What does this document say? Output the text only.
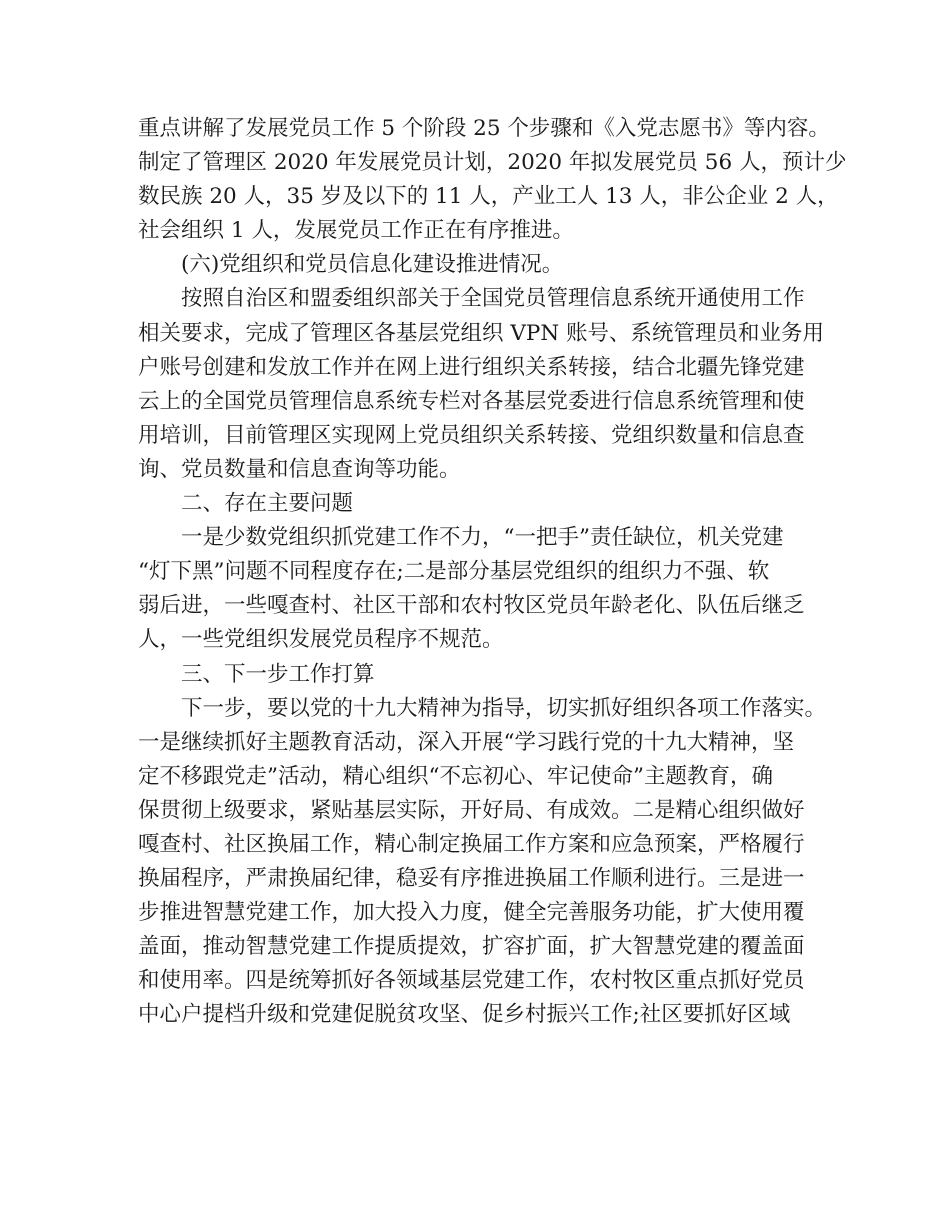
重点讲解了发展党员工作 5 个阶段 25 个步骤和《入党志愿书》等内容。
制定了管理区 2020 年发展党员计划，2020 年拟发展党员 56 人，预计少
数民族 20 人，35 岁及以下的 11 人，产业工人 13 人，非公企业 2 人，
社会组织 1 人，发展党员工作正在有序推进。
(六)党组织和党员信息化建设推进情况。
按照自治区和盟委组织部关于全国党员管理信息系统开通使用工作
相关要求，完成了管理区各基层党组织 VPN 账号、系统管理员和业务用
户账号创建和发放工作并在网上进行组织关系转接，结合北疆先锋党建
云上的全国党员管理信息系统专栏对各基层党委进行信息系统管理和使
用培训，目前管理区实现网上党员组织关系转接、党组织数量和信息查
询、党员数量和信息查询等功能。
二、存在主要问题
一是少数党组织抓党建工作不力，“一把手”责任缺位，机关党建
“灯下黑”问题不同程度存在;二是部分基层党组织的组织力不强、软
弱后进，一些嘎查村、社区干部和农村牧区党员年龄老化、队伍后继乏
人，一些党组织发展党员程序不规范。
三、下一步工作打算
下一步，要以党的十九大精神为指导，切实抓好组织各项工作落实。
一是继续抓好主题教育活动，深入开展“学习践行党的十九大精神，坚
定不移跟党走”活动，精心组织“不忘初心、牢记使命”主题教育，确
保贯彻上级要求，紧贴基层实际，开好局、有成效。二是精心组织做好
嘎查村、社区换届工作，精心制定换届工作方案和应急预案，严格履行
换届程序，严肃换届纪律，稳妥有序推进换届工作顺利进行。三是进一
步推进智慧党建工作，加大投入力度，健全完善服务功能，扩大使用覆
盖面，推动智慧党建工作提质提效，扩容扩面，扩大智慧党建的覆盖面
和使用率。四是统筹抓好各领域基层党建工作，农村牧区重点抓好党员
中心户提档升级和党建促脱贫攻坚、促乡村振兴工作;社区要抓好区域
